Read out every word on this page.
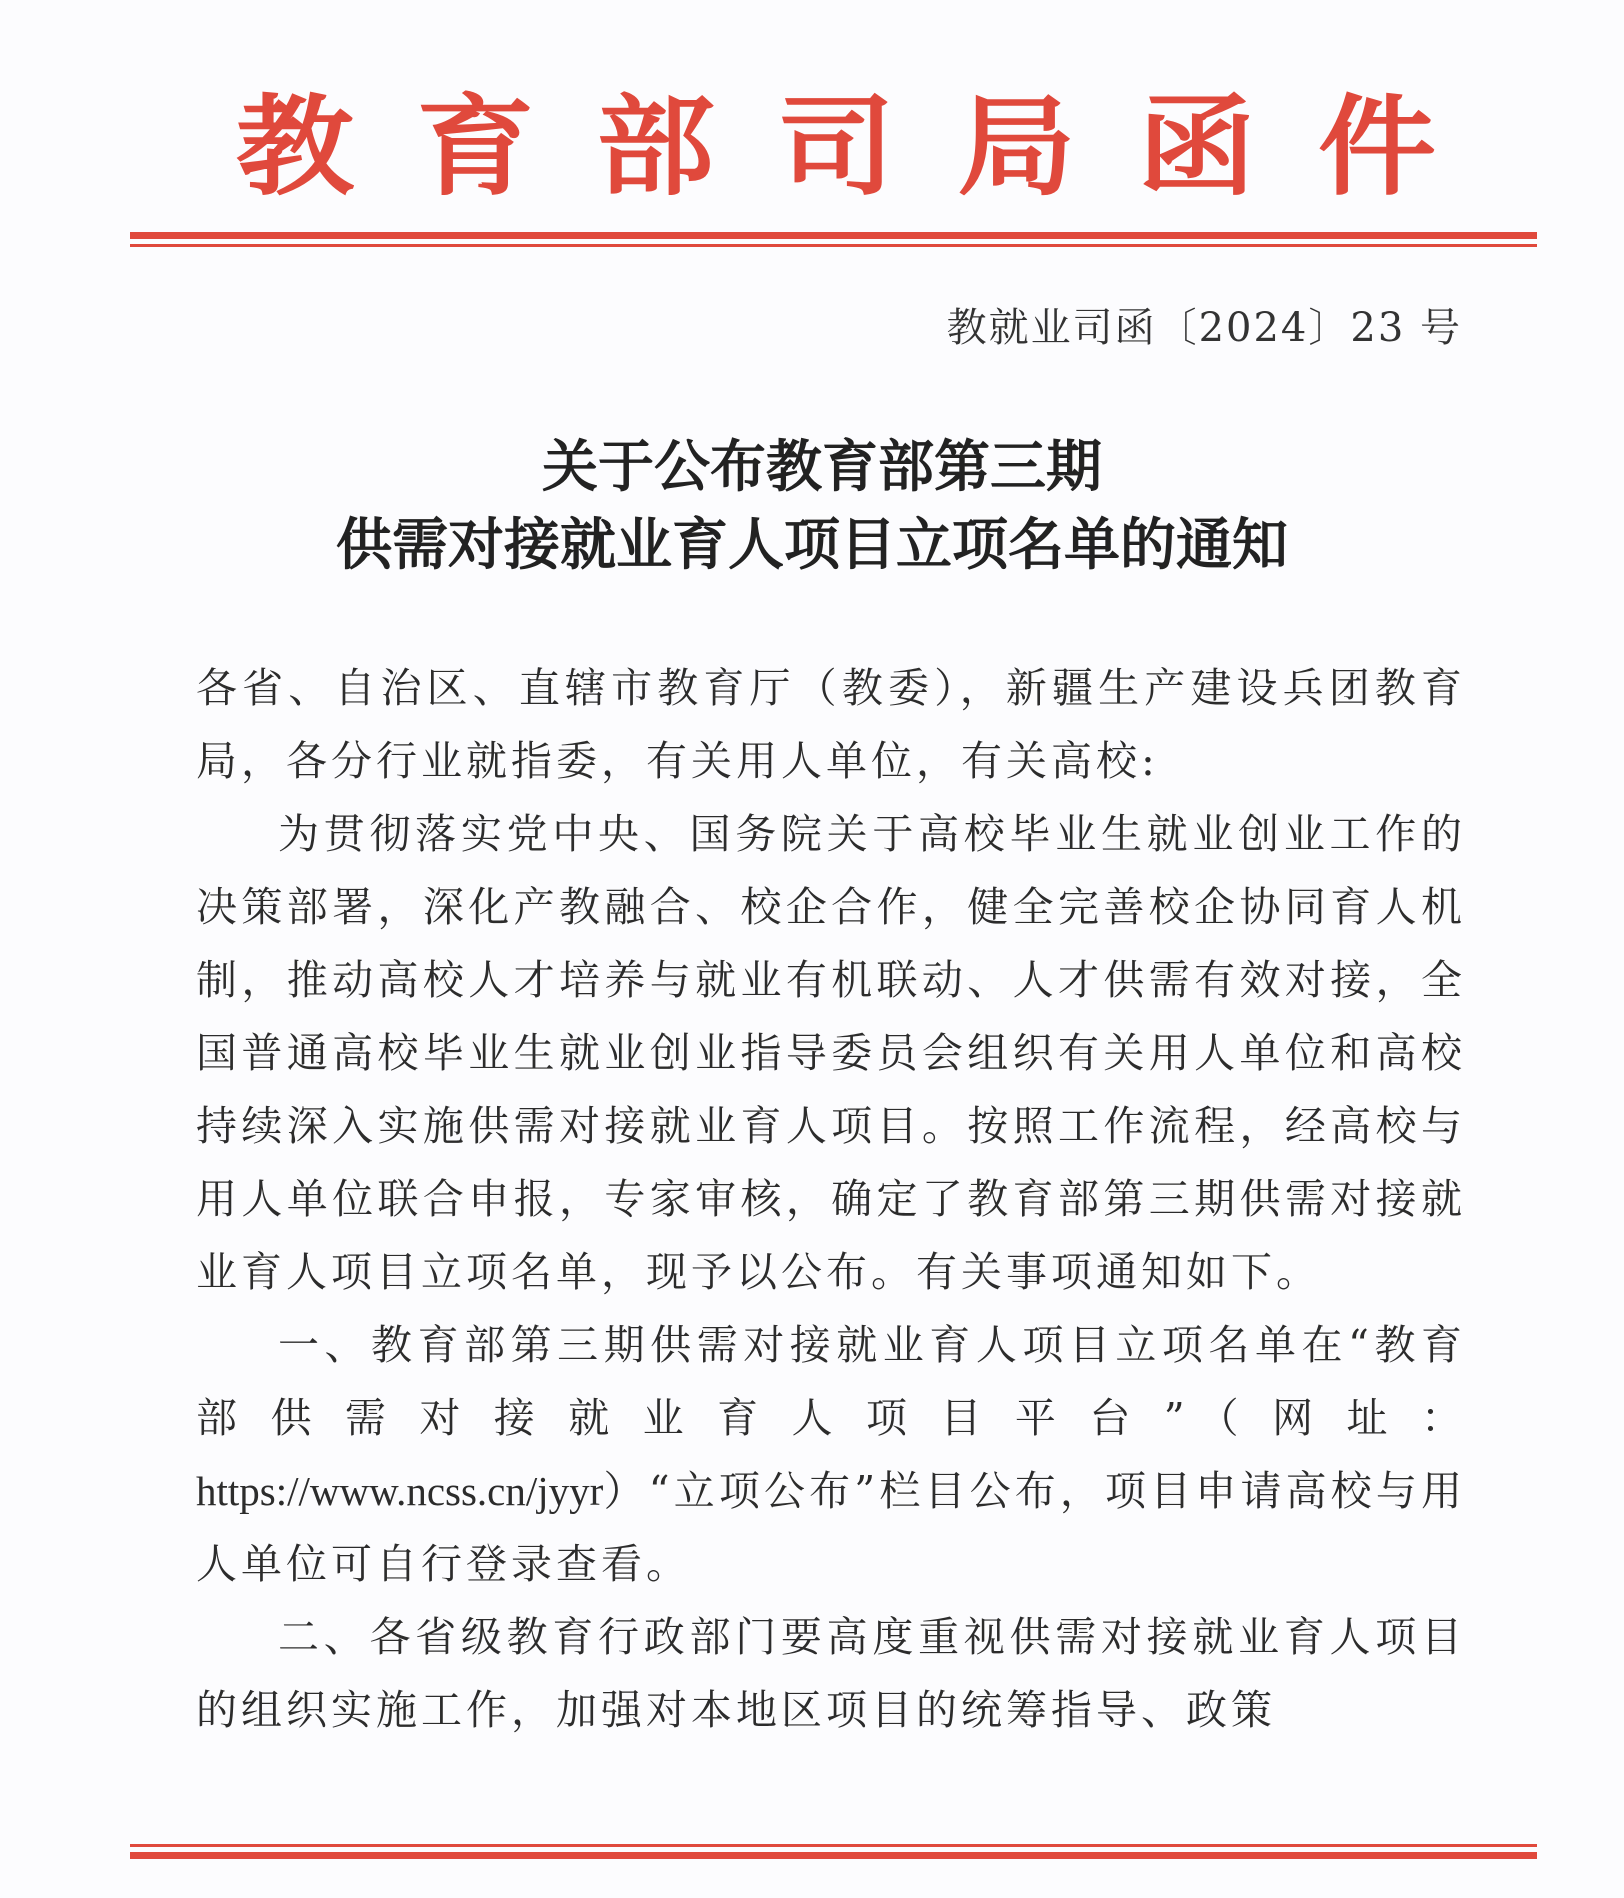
教 育 部 司 局 函 件
教就业司函〔2024〕23 号
关于公布教育部第三期
供需对接就业育人项目立项名单的通知

各省、自治区、直辖市教育厅（教委），新疆生产建设兵团教育局，各分行业就指委，有关用人单位，有关高校:

为贯彻落实党中央、国务院关于高校毕业生就业创业工作的决策部署，深化产教融合、校企合作，健全完善校企协同育人机制，推动高校人才培养与就业有机联动、人才供需有效对接，全国普通高校毕业生就业创业指导委员会组织有关用人单位和高校持续深入实施供需对接就业育人项目。按照工作流程，经高校与用人单位联合申报，专家审核，确定了教育部第三期供需对接就业育人项目立项名单，现予以公布。有关事项通知如下。

一、教育部第三期供需对接就业育人项目立项名单在“教育部供需对接就业育人项目平台”（网址：https://www.ncss.cn/jyyr）“立项公布”栏目公布，项目申请高校与用人单位可自行登录查看。

二、各省级教育行政部门要高度重视供需对接就业育人项目的组织实施工作，加强对本地区项目的统筹指导、政策
